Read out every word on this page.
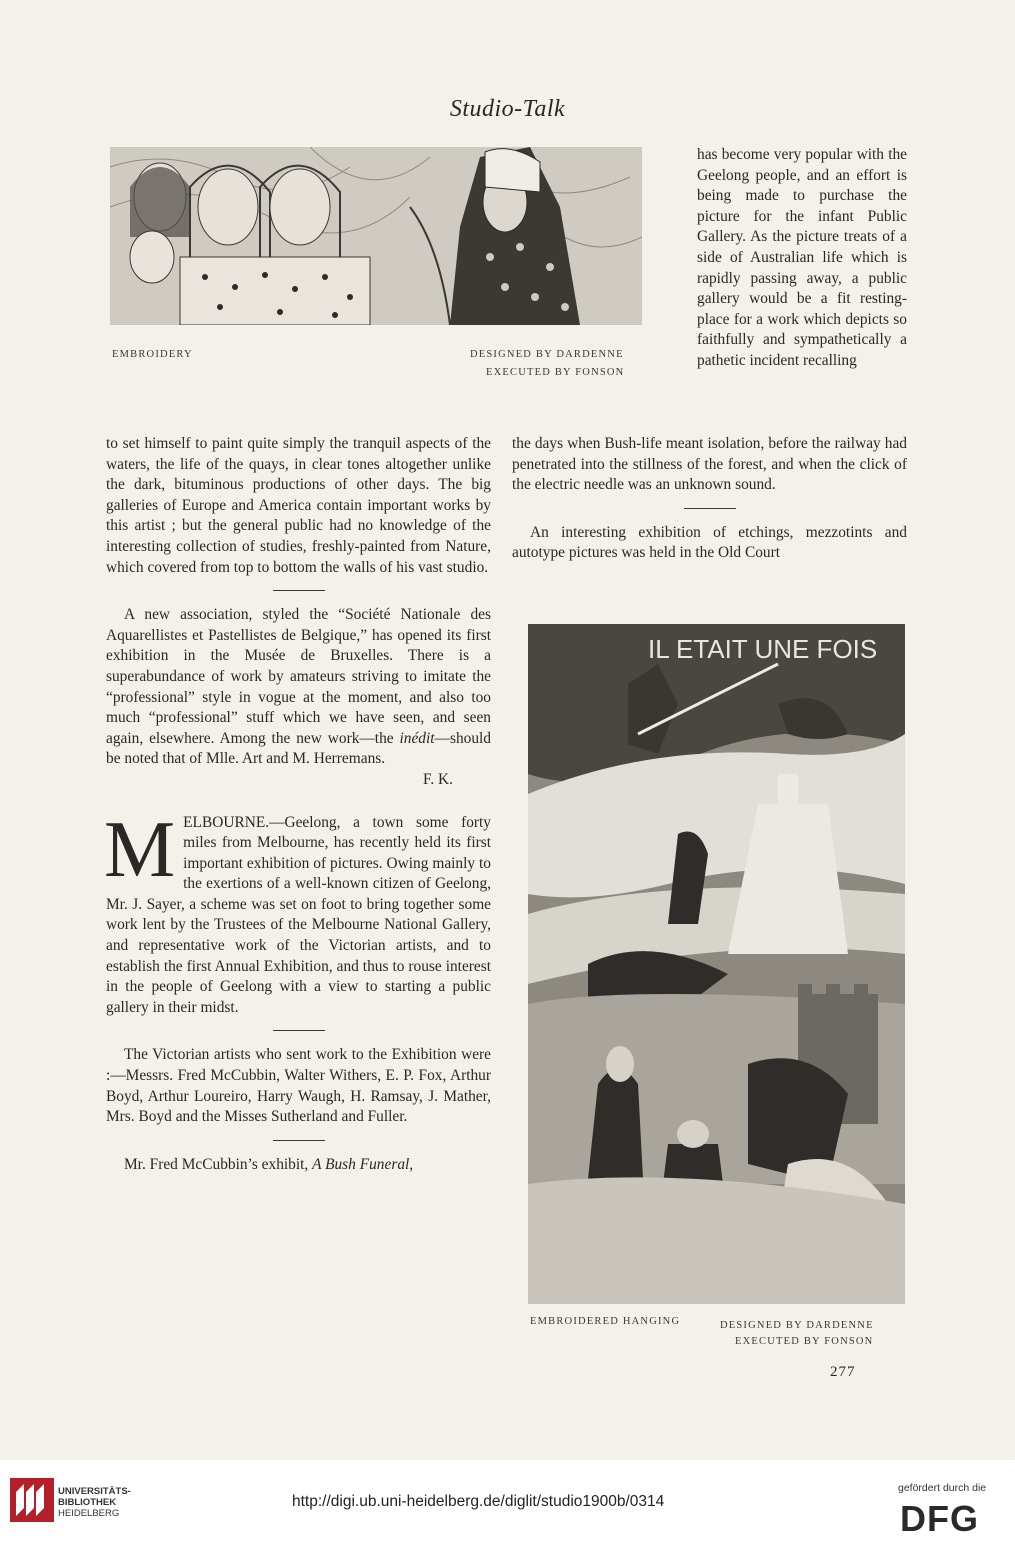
Studio-Talk
EMBROIDERY	DESIGNED BY DARDENNE
EXECUTED BY FONSON

has become very popular with the Geelong people, and an effort is being made to purchase the picture for the infant Public Gallery. As the picture treats of a side of Australian life which is rapidly passing away, a public gallery would be a fit resting-place for a work which depicts so faithfully and sympathetically a pathetic incident recalling

the days when Bush-life meant isolation, before the railway had penetrated into the stillness of the forest, and when the click of the electric needle was an unknown sound.

An interesting exhibition of etchings, mezzotints and autotype pictures was held in the Old Court

to set himself to paint quite simply the tranquil aspects of the waters, the life of the quays, in clear tones altogether unlike the dark, bituminous productions of other days. The big galleries of Europe and America contain important works by this artist ; but the general public had no knowledge of the interesting collection of studies, freshly-painted from Nature, which covered from top to bottom the walls of his vast studio.

A new association, styled the “Société Nationale des Aquarellistes et Pastellistes de Belgique,” has opened its first exhibition in the Musée de Bruxelles. There is a superabundance of work by amateurs striving to imitate the “professional” style in vogue at the moment, and also too much “professional” stuff which we have seen, and seen again, elsewhere. Among the new work—the inédit—should be noted that of Mlle. Art and M. Herremans.

F. K.

MELBOURNE.—Geelong, a town some forty miles from Melbourne, has recently held its first important exhibition of pictures. Owing mainly to the exertions of a well-known citizen of Geelong, Mr. J. Sayer, a scheme was set on foot to bring together some work lent by the Trustees of the Melbourne National Gallery, and representative work of the Victorian artists, and to establish the first Annual Exhibition, and thus to rouse interest in the people of Geelong with a view to starting a public gallery in their midst.

The Victorian artists who sent work to the Exhibition were :—Messrs. Fred McCubbin, Walter Withers, E. P. Fox, Arthur Boyd, Arthur Loureiro, Harry Waugh, H. Ramsay, J. Mather, Mrs. Boyd and the Misses Sutherland and Fuller.

Mr. Fred McCubbin’s exhibit, A Bush Funeral,

IL ETAIT UNE FOIS
EMBROIDERED HANGING	DESIGNED BY DARDENNE
EXECUTED BY FONSON
277
UNIVERSITÄTS-
BIBLIOTHEK
HEIDELBERG
http://digi.ub.uni-heidelberg.de/diglit/studio1900b/0314
gefördert durch die
DFG
